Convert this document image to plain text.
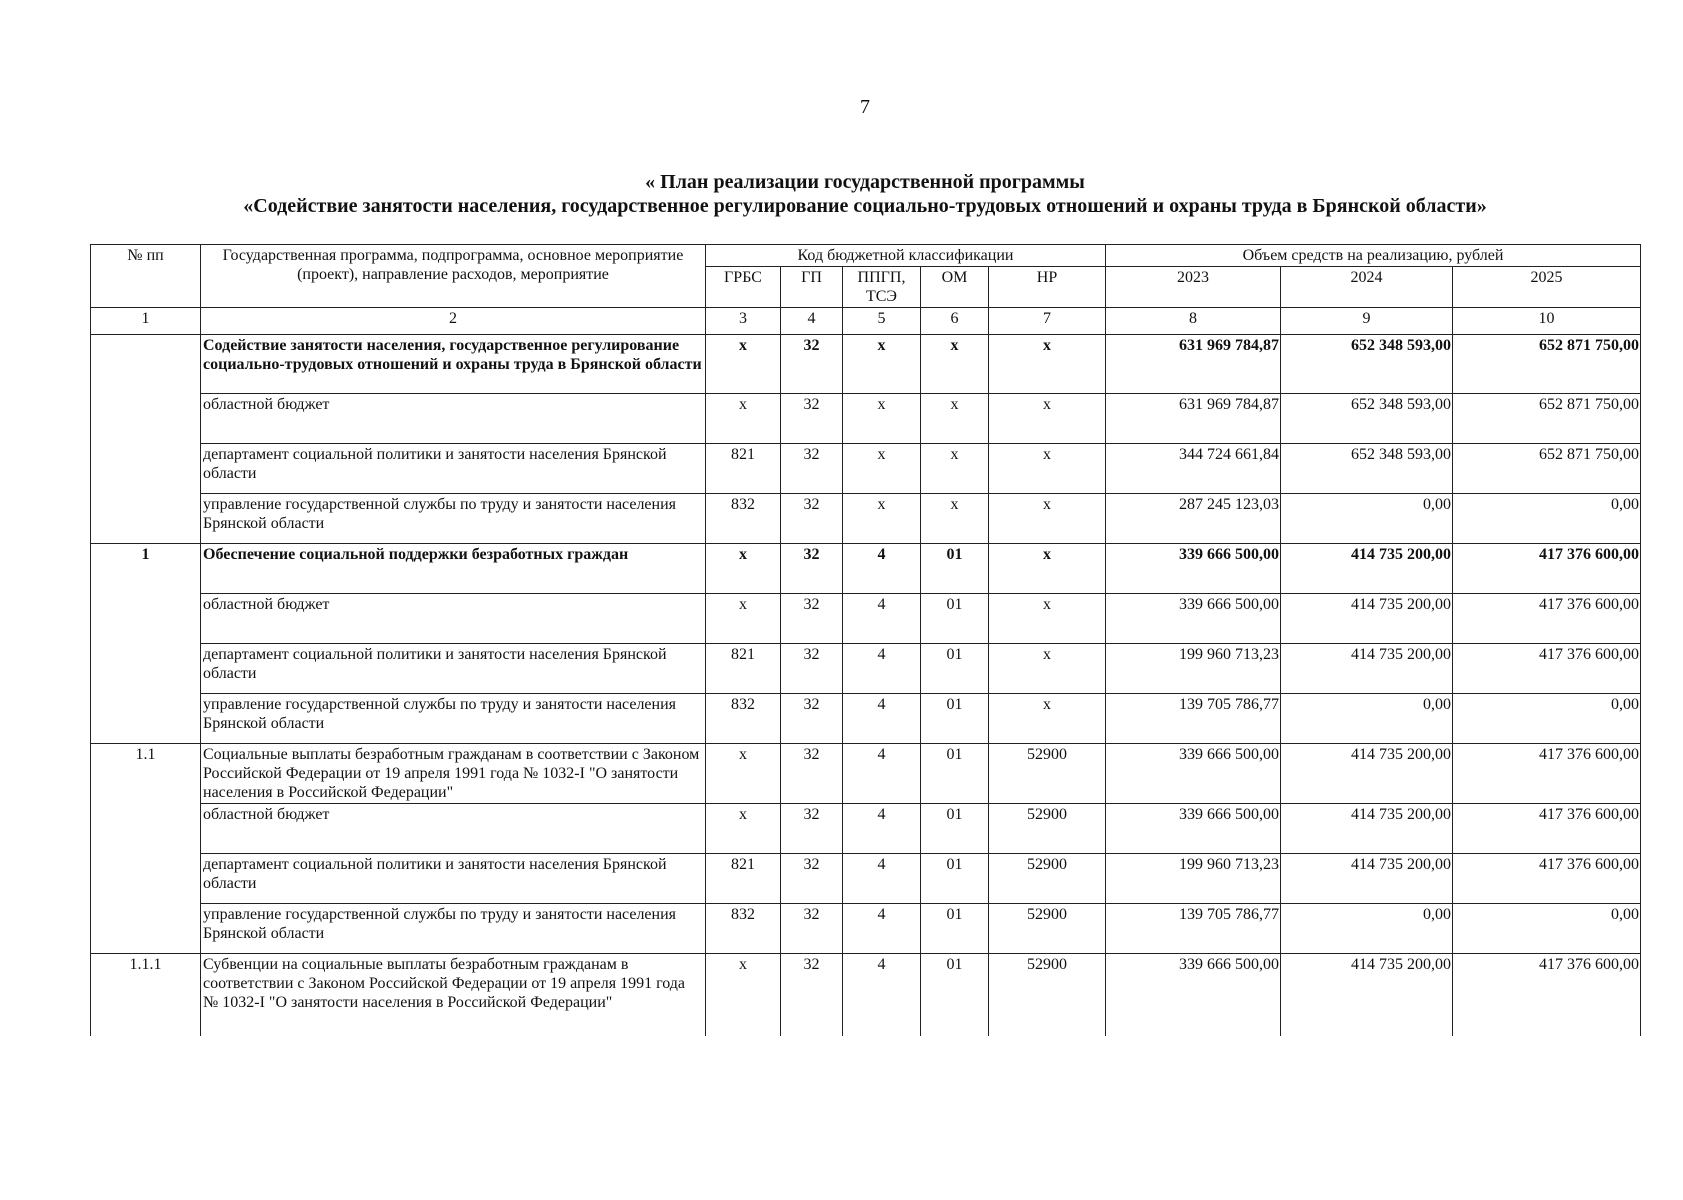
7
« План реализации государственной программы
«Содействие занятости населения, государственное регулирование социально-трудовых отношений и охраны труда в Брянской области»
№ пп	Государственная программа, подпрограмма, основное мероприятие (проект), направление расходов, мероприятие	Код бюджетной классификации					Объем средств на реализацию, рублей		
		ГРБС	ГП	ППГП, ТСЭ	ОМ	НР	2023	2024	2025
1	2	3	4	5	6	7	8	9	10
	Содействие занятости населения, государственное регулирование социально-трудовых отношений и охраны труда в Брянской области	x	32	x	x	x	631 969 784,87	652 348 593,00	652 871 750,00
	областной бюджет	x	32	x	x	x	631 969 784,87	652 348 593,00	652 871 750,00
	департамент социальной политики и занятости населения Брянской области	821	32	x	x	x	344 724 661,84	652 348 593,00	652 871 750,00
	управление государственной службы по труду и занятости населения Брянской области	832	32	x	x	x	287 245 123,03	0,00	0,00
1	Обеспечение социальной поддержки безработных граждан	x	32	4	01	x	339 666 500,00	414 735 200,00	417 376 600,00
	областной бюджет	x	32	4	01	x	339 666 500,00	414 735 200,00	417 376 600,00
	департамент социальной политики и занятости населения Брянской области	821	32	4	01	x	199 960 713,23	414 735 200,00	417 376 600,00
	управление государственной службы по труду и занятости населения Брянской области	832	32	4	01	x	139 705 786,77	0,00	0,00
1.1	Социальные выплаты безработным гражданам в соответствии с Законом Российской Федерации от 19 апреля 1991 года № 1032-I "О занятости населения в Российской Федерации"	x	32	4	01	52900	339 666 500,00	414 735 200,00	417 376 600,00
	областной бюджет	x	32	4	01	52900	339 666 500,00	414 735 200,00	417 376 600,00
	департамент социальной политики и занятости населения Брянской области	821	32	4	01	52900	199 960 713,23	414 735 200,00	417 376 600,00
	управление государственной службы по труду и занятости населения Брянской области	832	32	4	01	52900	139 705 786,77	0,00	0,00
1.1.1	Субвенции на социальные выплаты безработным гражданам в соответствии с Законом Российской Федерации от 19 апреля 1991 года № 1032-I "О занятости населения в Российской Федерации"	x	32	4	01	52900	339 666 500,00	414 735 200,00	417 376 600,00
